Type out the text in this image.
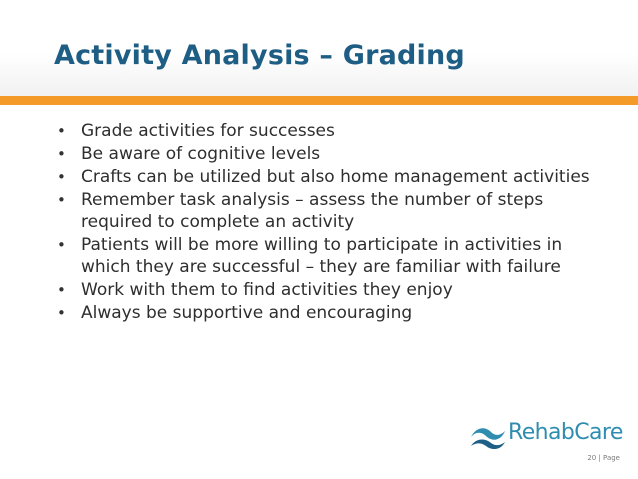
Activity Analysis – Grading
• Grade activities for successes
• Be aware of cognitive levels
• Crafts can be utilized but also home management activities
• Remember task analysis – assess the number of steps required to complete an activity
• Patients will be more willing to participate in activities in which they are successful – they are familiar with failure
• Work with them to find activities they enjoy
• Always be supportive and encouraging
RehabCare
20 | Page
